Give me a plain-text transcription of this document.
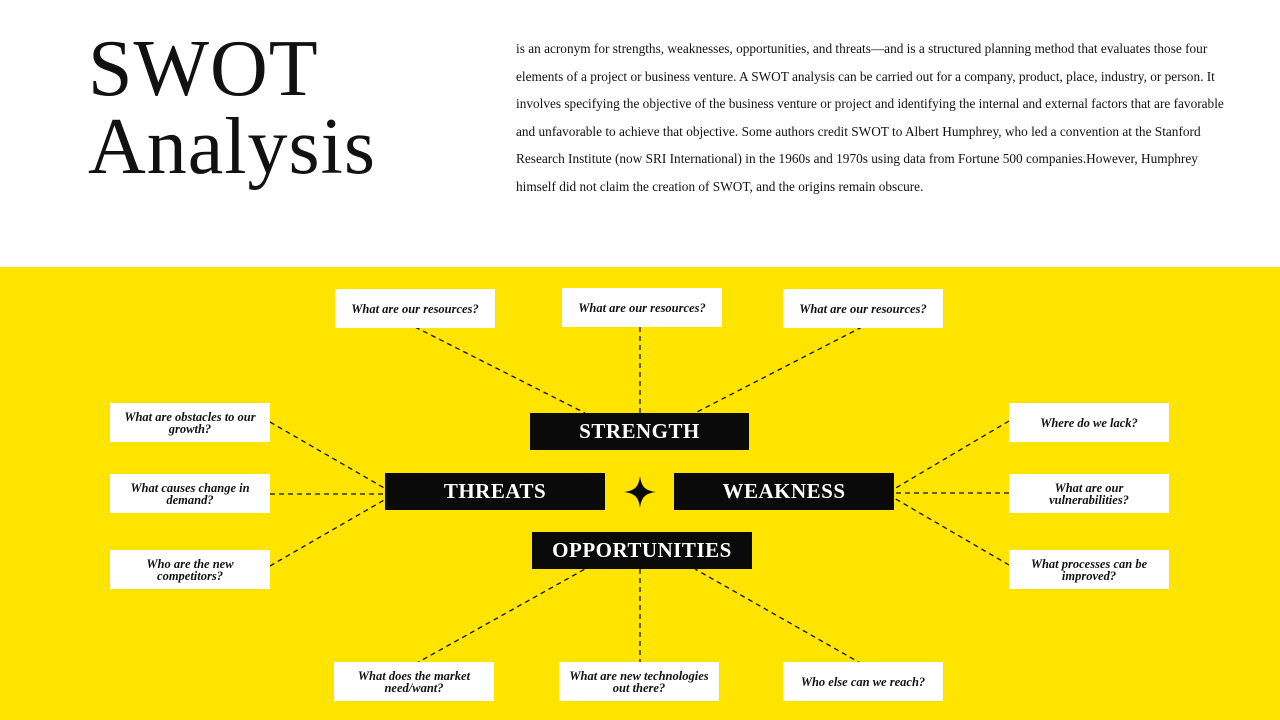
SWOT
Analysis

is an acronym for strengths, weaknesses, opportunities, and threats—and is a structured planning method that evaluates those four elements of a project or business venture. A SWOT analysis can be carried out for a company, product, place, industry, or person. It involves specifying the objective of the business venture or project and identifying the internal and external factors that are favorable and unfavorable to achieve that objective. Some authors credit SWOT to Albert Humphrey, who led a convention at the Stanford Research Institute (now SRI International) in the 1960s and 1970s using data from Fortune 500 companies.However, Humphrey himself did not claim the creation of SWOT, and the origins remain obscure.

What are our resources?	What are our resources?	What are our resources?
What are obstacles to our growth?
What causes change in demand?
Who are the new competitors?
Where do we lack?
What are our vulnerabilities?
What processes can be improved?
What does the market need/want?
What are new technologies out there?	Who else can we reach?
STRENGTH
THREATS	WEAKNESS
OPPORTUNITIES
